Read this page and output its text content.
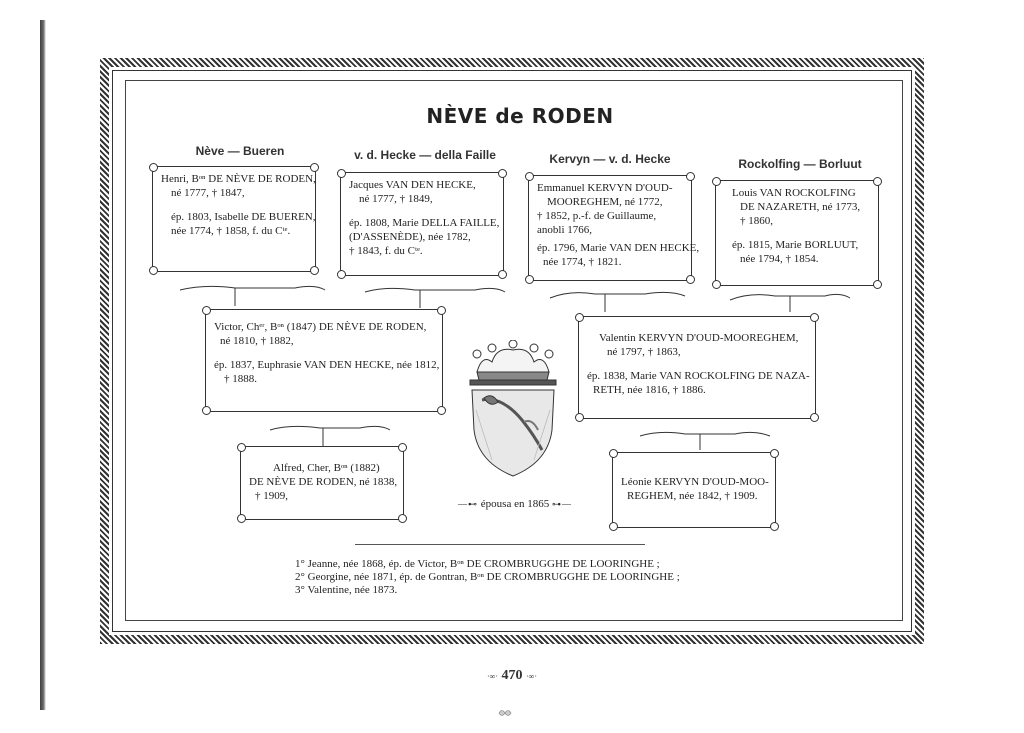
NÈVE de RODEN
Nève — Bueren	v. d. Hecke — della Faille	Kervyn — v. d. Hecke	Rockolfing — Borluut

Henri, Bᵒⁿ DE NÈVE DE RODEN,

né 1777, † 1847,

ép. 1803, Isabelle DE BUEREN,

née 1774, † 1858, f. du Cᵗᵉ.

Jacques VAN DEN HECKE,

né 1777, † 1849,

ép. 1808, Marie DELLA FAILLE,

(D'ASSENÈDE), née 1782,

† 1843, f. du Cᵗᵉ.

Emmanuel KERVYN D'OUD-

MOOREGHEM, né 1772,

† 1852, p.-f. de Guillaume,

anobli 1766,

ép. 1796, Marie VAN DEN HECKE,

née 1774, † 1821.

Louis VAN ROCKOLFING

DE NAZARETH, né 1773,

† 1860,

ép. 1815, Marie BORLUUT,

née 1794, † 1854.

Victor, Chᵉʳ, Bᵒⁿ (1847) DE NÈVE DE RODEN,

né 1810, † 1882,

ép. 1837, Euphrasie VAN DEN HECKE, née 1812,

† 1888.

Valentin KERVYN D'OUD-MOOREGHEM,

né 1797, † 1863,

ép. 1838, Marie VAN ROCKOLFING DE NAZA-

RETH, née 1816, † 1886.

Alfred, Cher, Bᵒⁿ (1882)

DE NÈVE DE RODEN, né 1838,

† 1909,

Léonie KERVYN D'OUD-MOO-

REGHEM, née 1842, † 1909.

—⊷ épousa en 1865 ⊶—

1° Jeanne, née 1868, ép. de Victor, Bᵒⁿ DE CROMBRUGGHE DE LOORINGHE ;

2° Georgine, née 1871, ép. de Gontran, Bᵒⁿ DE CROMBRUGGHE DE LOORINGHE ;

3° Valentine, née 1873.

·∞· 470 ·∞·
